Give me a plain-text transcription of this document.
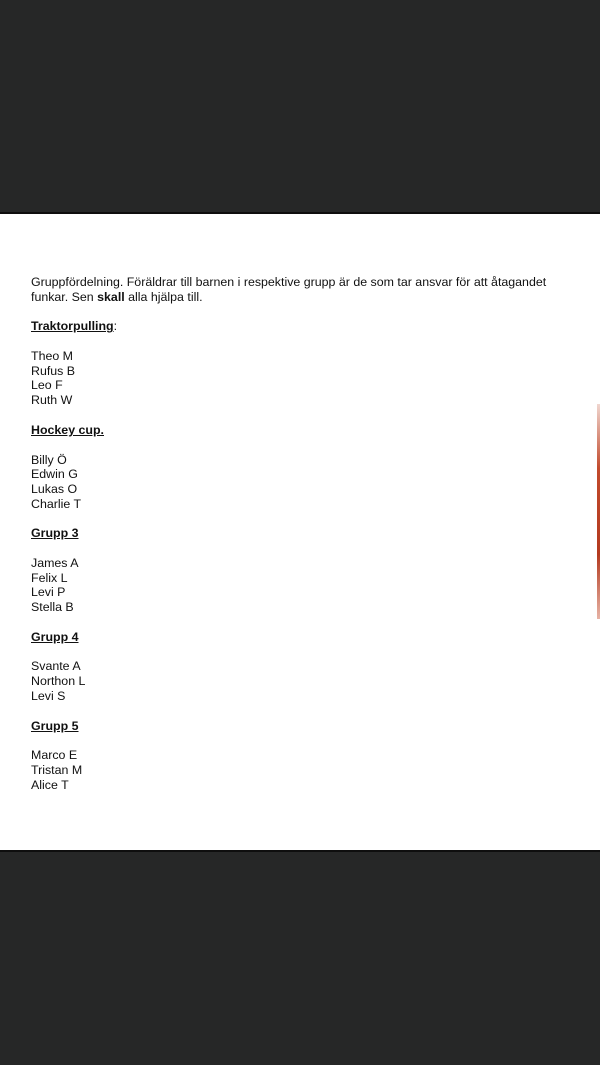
Gruppfördelning. Föräldrar till barnen i respektive grupp är de som tar ansvar för att åtagandet
funkar. Sen skall alla hjälpa till.

Traktorpulling:

Theo M
Rufus B
Leo F
Ruth W

Hockey cup.

Billy Ö
Edwin G
Lukas O
Charlie T

Grupp 3

James A
Felix L
Levi P
Stella B

Grupp 4

Svante A
Northon L
Levi S

Grupp 5

Marco E
Tristan M
Alice T
